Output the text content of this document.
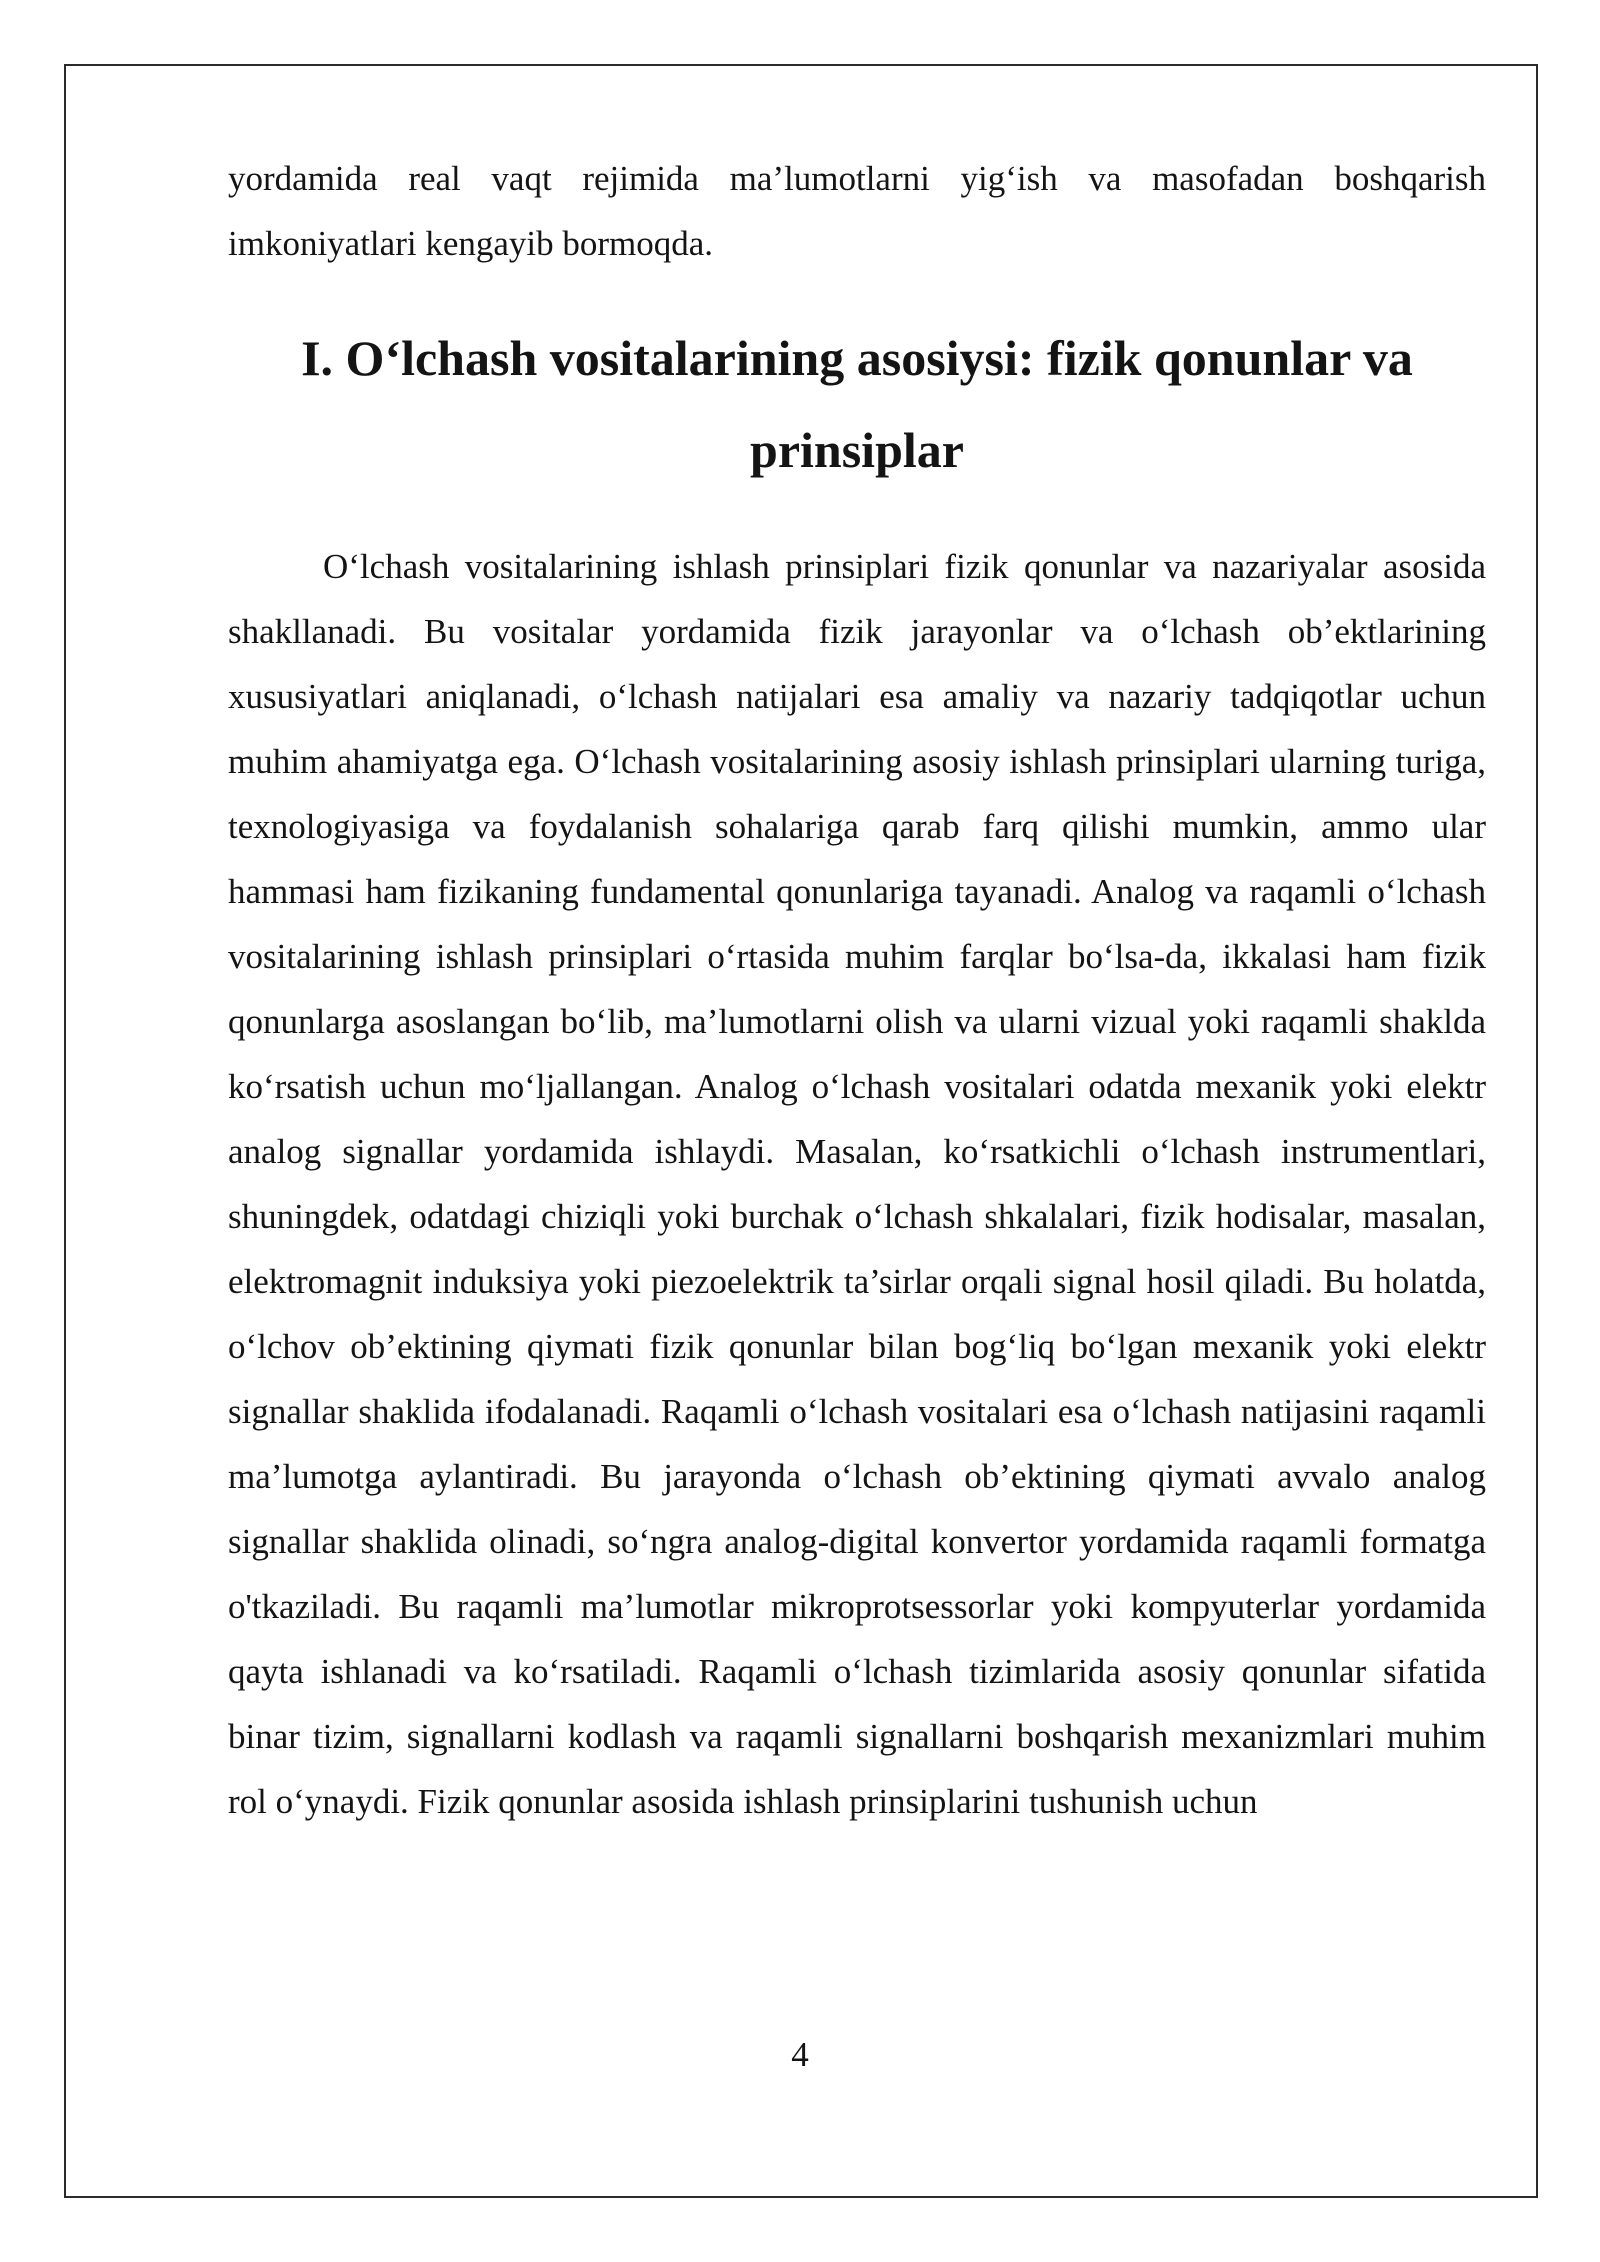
yordamida real vaqt rejimida ma’lumotlarni yig‘ish va masofadan boshqarish imkoniyatlari kengayib bormoqda.

I. O‘lchash vositalarining asosiysi: fizik qonunlar va prinsiplar

O‘lchash vositalarining ishlash prinsiplari fizik qonunlar va nazariyalar asosida shakllanadi. Bu vositalar yordamida fizik jarayonlar va o‘lchash ob’ektlarining xususiyatlari aniqlanadi, o‘lchash natijalari esa amaliy va nazariy tadqiqotlar uchun muhim ahamiyatga ega. O‘lchash vositalarining asosiy ishlash prinsiplari ularning turiga, texnologiyasiga va foydalanish sohalariga qarab farq qilishi mumkin, ammo ular hammasi ham fizikaning fundamental qonunlariga tayanadi. Analog va raqamli o‘lchash vositalarining ishlash prinsiplari o‘rtasida muhim farqlar bo‘lsa-da, ikkalasi ham fizik qonunlarga asoslangan bo‘lib, ma’lumotlarni olish va ularni vizual yoki raqamli shaklda ko‘rsatish uchun mo‘ljallangan. Analog o‘lchash vositalari odatda mexanik yoki elektr analog signallar yordamida ishlaydi. Masalan, ko‘rsatkichli o‘lchash instrumentlari, shuningdek, odatdagi chiziqli yoki burchak o‘lchash shkalalari, fizik hodisalar, masalan, elektromagnit induksiya yoki piezoelektrik ta’sirlar orqali signal hosil qiladi. Bu holatda, o‘lchov ob’ektining qiymati fizik qonunlar bilan bog‘liq bo‘lgan mexanik yoki elektr signallar shaklida ifodalanadi. Raqamli o‘lchash vositalari esa o‘lchash natijasini raqamli ma’lumotga aylantiradi. Bu jarayonda o‘lchash ob’ektining qiymati avvalo analog signallar shaklida olinadi, so‘ngra analog-digital konvertor yordamida raqamli formatga o'tkaziladi. Bu raqamli ma’lumotlar mikroprotsessorlar yoki kompyuterlar yordamida qayta ishlanadi va ko‘rsatiladi. Raqamli o‘lchash tizimlarida asosiy qonunlar sifatida binar tizim, signallarni kodlash va raqamli signallarni boshqarish mexanizmlari muhim rol o‘ynaydi. Fizik qonunlar asosida ishlash prinsiplarini tushunish uchun

4
